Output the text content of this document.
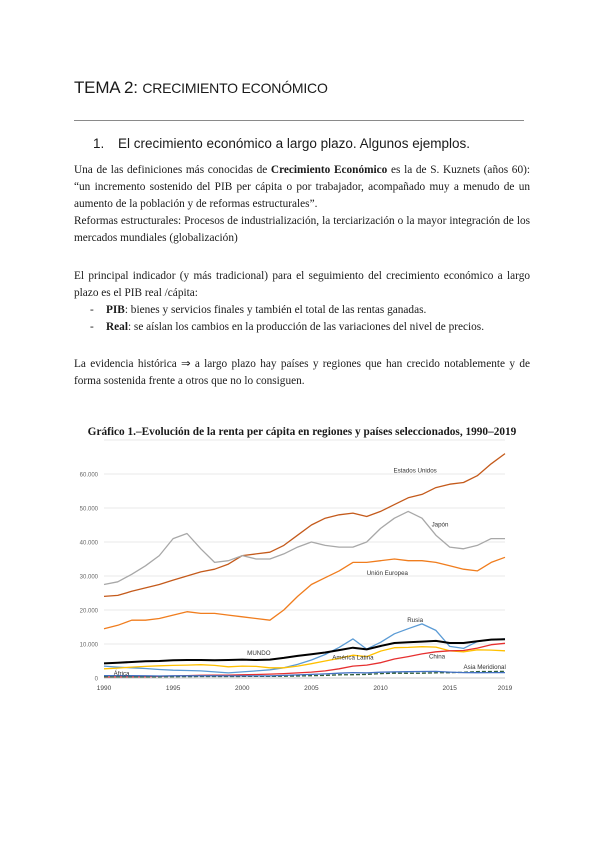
TEMA 2: CRECIMIENTO ECONÓMICO
1. El crecimiento económico a largo plazo. Algunos ejemplos.
Una de las definiciones más conocidas de Crecimiento Económico es la de S. Kuznets (años 60): “un incremento sostenido del PIB per cápita o por trabajador, acompañado muy a menudo de un aumento de la población y de reformas estructurales”.
Reformas estructurales: Procesos de industrialización, la terciarización o la mayor integración de los mercados mundiales (globalización)
El principal indicador (y más tradicional) para el seguimiento del crecimiento económico a largo plazo es el PIB real /cápita:
- PIB: bienes y servicios finales y también el total de las rentas ganadas.
- Real: se aíslan los cambios en la producción de las variaciones del nivel de precios.
La evidencia histórica ⇒ a largo plazo hay países y regiones que han crecido notablemente y de forma sostenida frente a otros que no lo consiguen.
Gráfico 1.–Evolución de la renta per cápita en regiones y países seleccionados, 1990–2019
0
10.000
20.000
30.000
40.000
50.000
60.000
1990	1995	2000	2005	2010	2015	2019
Estados Unidos
Japón
Unión Europea
Rusia
MUNDO
América Latina	China
Asia Meridional
África
